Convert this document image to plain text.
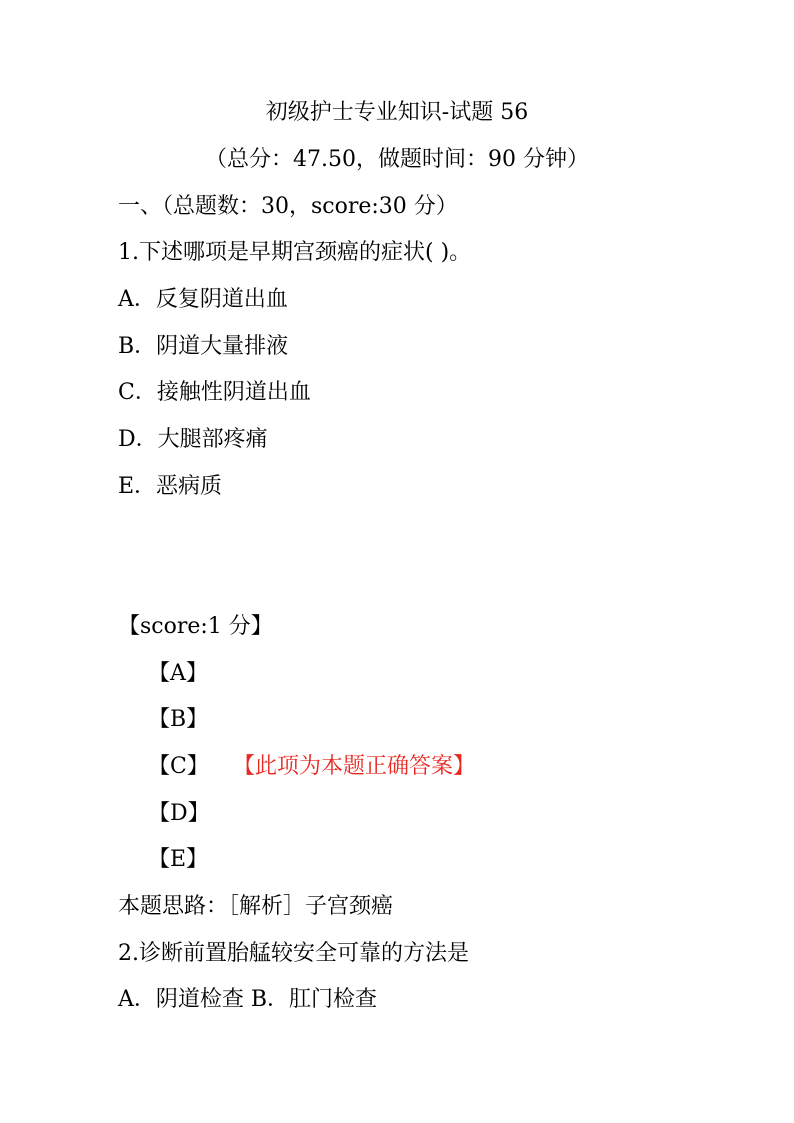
初级护士专业知识-试题 56
（总分：47.50，做题时间：90 分钟）
一、（总题数：30，score:30 分）
1.下述哪项是早期宫颈癌的症状( )。
A．反复阴道出血
B．阴道大量排液
C．接触性阴道出血
D．大腿部疼痛
E．恶病质
【score:1 分】
【A】
【B】
【C】 【此项为本题正确答案】
【D】
【E】
本题思路：［解析］子宫颈癌
2.诊断前置胎艋较安全可靠的方法是
A．阴道检查 B．肛门检查
